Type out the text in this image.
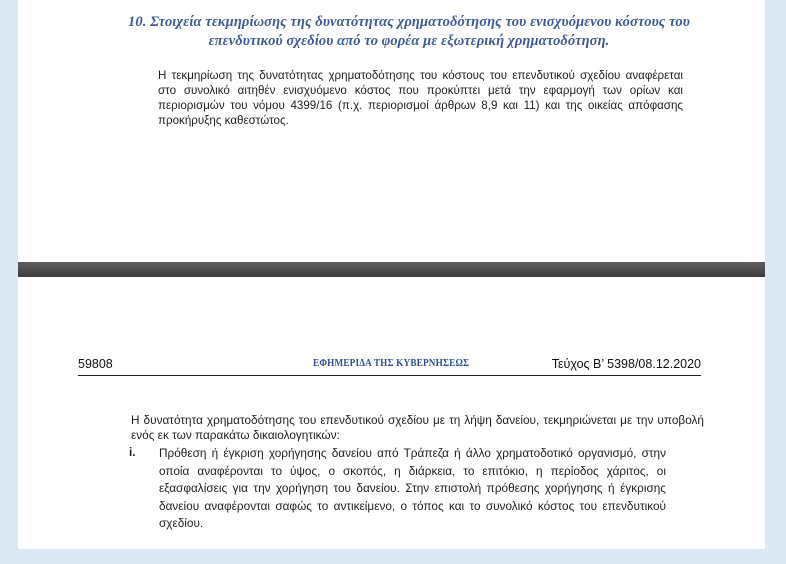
10. Στοιχεία τεκμηρίωσης της δυνατότητας χρηματοδότησης του ενισχυόμενου κόστους του επενδυτικού σχεδίου από το φορέα με εξωτερική χρηματοδότηση.
Η τεκμηρίωση της δυνατότητας χρηματοδότησης του κόστους του επενδυτικού σχεδίου αναφέρεται στο συνολικό αιτηθέν ενισχυόμενο κόστος που προκύπτει μετά την εφαρμογή των ορίων και περιορισμών του νόμου 4399/16 (π.χ. περιορισμοί άρθρων 8,9 και 11) και της οικείας απόφασης προκήρυξης καθεστώτος.
59808	ΕΦΗΜΕΡΙΔΑ ΤΗΣ ΚΥΒΕΡΝΗΣΕΩΣ	Τεύχος Β’ 5398/08.12.2020
Η δυνατότητα χρηματοδότησης του επενδυτικού σχεδίου με τη λήψη δανείου, τεκμηριώνεται με την υποβολή ενός εκ των παρακάτω δικαιολογητικών:
i. Πρόθεση ή έγκριση χορήγησης δανείου από Τράπεζα ή άλλο χρηματοδοτικό οργανισμό, στην οποία αναφέρονται το ύψος, ο σκοπός, η διάρκεια, το επιτόκιο, η περίοδος χάριτος, οι εξασφαλίσεις για την χορήγηση του δανείου. Στην επιστολή πρόθεσης χορήγησης ή έγκρισης δανείου αναφέρονται σαφώς το αντικείμενο, ο τόπος και το συνολικό κόστος του επενδυτικού σχεδίου.
